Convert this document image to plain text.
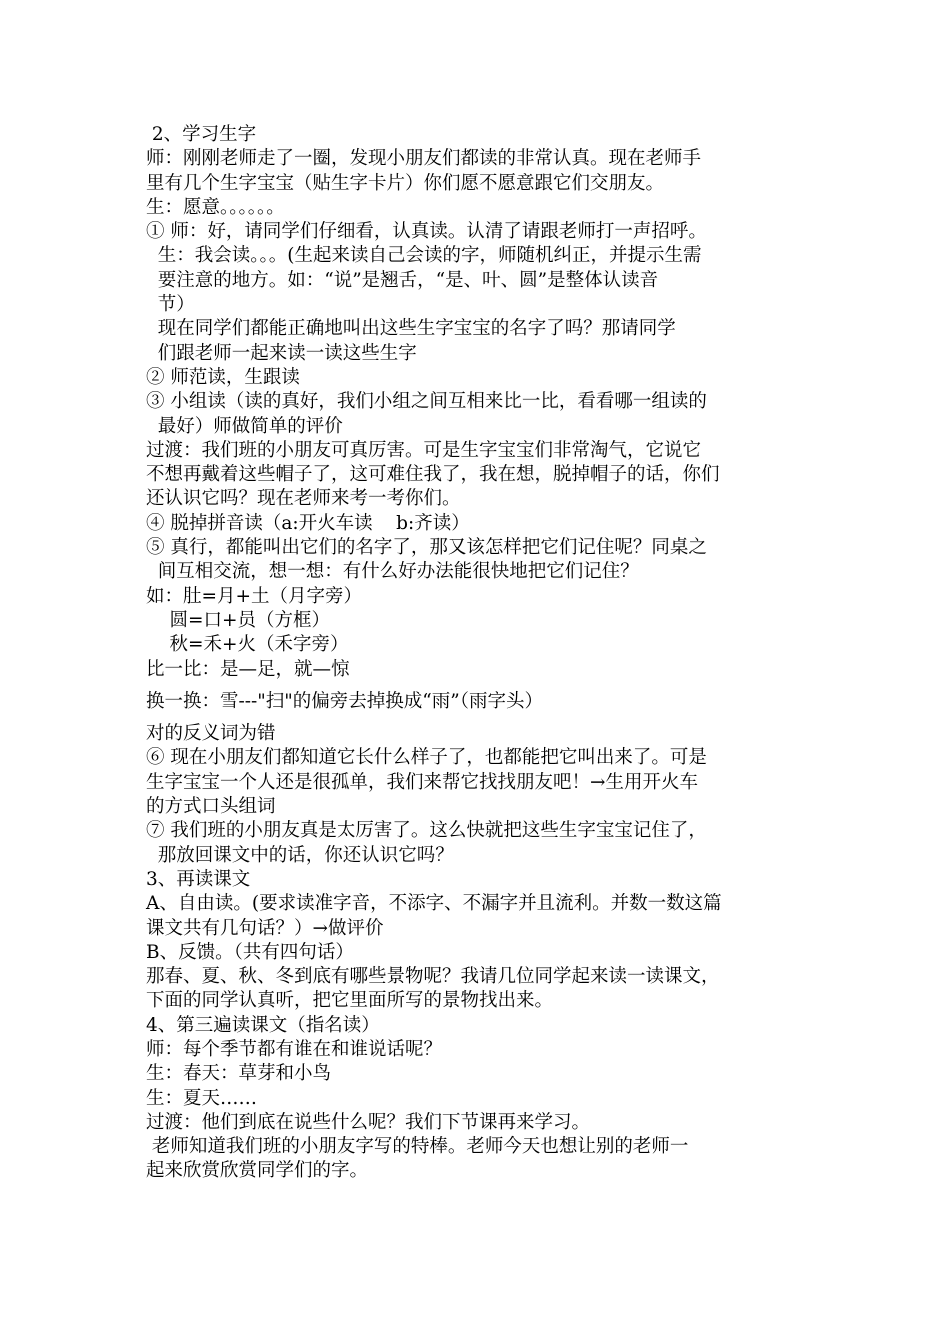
2、学习生字

师：刚刚老师走了一圈，发现小朋友们都读的非常认真。现在老师手

里有几个生字宝宝（贴生字卡片）你们愿不愿意跟它们交朋友。

生：愿意。。。。。。

① 师：好，请同学们仔细看，认真读。认清了请跟老师打一声招呼。

生：我会读。。。(生起来读自己会读的字，师随机纠正，并提示生需

要注意的地方。如：“说”是翘舌，“是、叶、圆”是整体认读音

节）

现在同学们都能正确地叫出这些生字宝宝的名字了吗？那请同学

们跟老师一起来读一读这些生字

② 师范读，生跟读

③ 小组读（读的真好，我们小组之间互相来比一比，看看哪一组读的

最好）师做简单的评价

过渡：我们班的小朋友可真厉害。可是生字宝宝们非常淘气，它说它

不想再戴着这些帽子了，这可难住我了，我在想，脱掉帽子的话，你们

还认识它吗？现在老师来考一考你们。

④ 脱掉拼音读（a:开火车读    b:齐读）

⑤ 真行，都能叫出它们的名字了，那又该怎样把它们记住呢？同桌之

间互相交流，想一想：有什么好办法能很快地把它们记住？

如：肚=月+土（月字旁）

圆=口+员（方框）

秋=禾+火（禾字旁）

比一比：是—足，就—惊

换一换：雪---"扫"的偏旁去掉换成“雨”（雨字头）

对的反义词为错

⑥ 现在小朋友们都知道它长什么样子了，也都能把它叫出来了。可是

生字宝宝一个人还是很孤单，我们来帮它找找朋友吧！→生用开火车

的方式口头组词

⑦ 我们班的小朋友真是太厉害了。这么快就把这些生字宝宝记住了，

那放回课文中的话，你还认识它吗？

3、再读课文

A、自由读。(要求读准字音，不添字、不漏字并且流利。并数一数这篇

课文共有几句话？）→做评价

B、反馈。（共有四句话）

那春、夏、秋、冬到底有哪些景物呢？我请几位同学起来读一读课文，

下面的同学认真听，把它里面所写的景物找出来。

4、第三遍读课文（指名读）

师：每个季节都有谁在和谁说话呢？

生：春天：草芽和小鸟

生：夏天……

过渡：他们到底在说些什么呢？我们下节课再来学习。

老师知道我们班的小朋友字写的特棒。老师今天也想让别的老师一

起来欣赏欣赏同学们的字。
